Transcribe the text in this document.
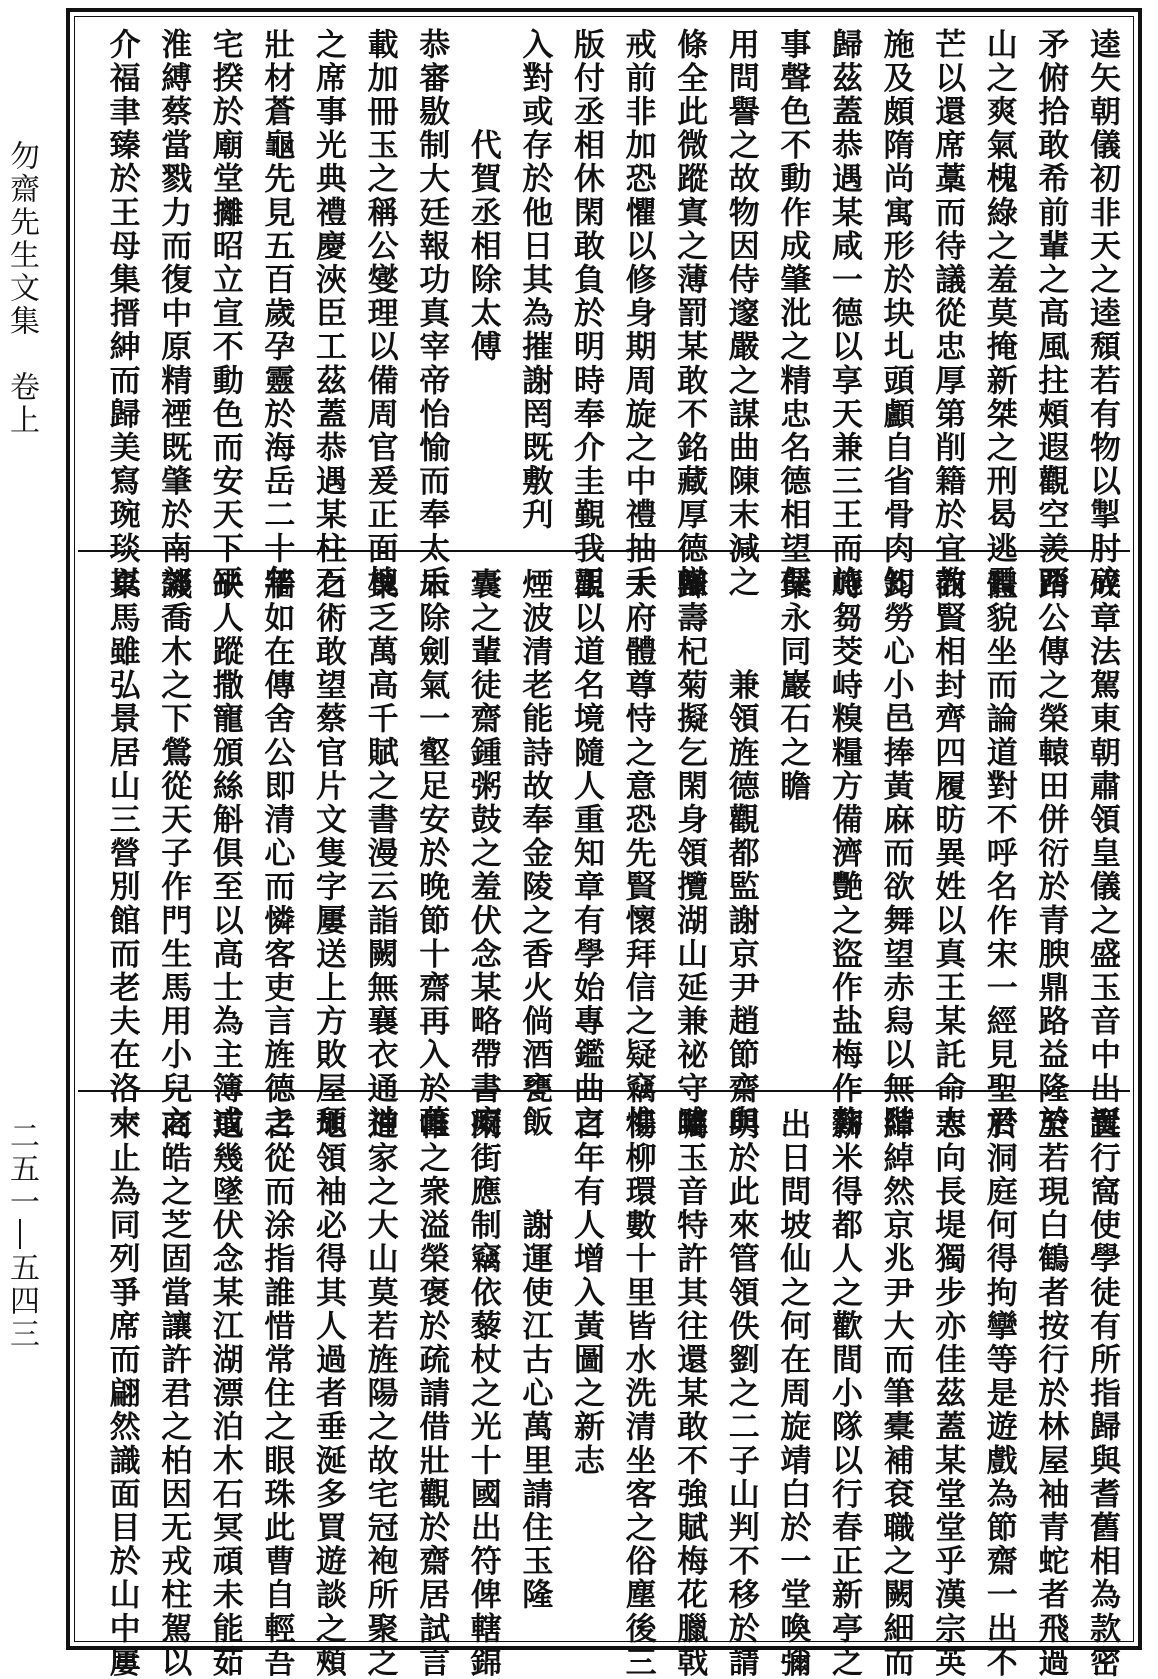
勿齋先生文集　卷上
二五一―五四三
逵矢朝儀初非天之逵頹若有物以掣肘碎
矛俯拾敢希前輩之高風拄頰遐觀空羨西
山之爽氣槐綠之羞莫掩新桀之刑曷逃貢
芒以還席藁而待議從忠厚第削籍於宜教
施及頗隋尚寓形於块圠頭顱自省骨肉知
歸茲蓋恭遇某咸一德以享天兼三王而施
事聲色不動作成肇沘之精忠名德相望保
用問譽之故物因侍邃嚴之謀曲陳末減之
條全此微蹤寘之薄罰某敢不銘藏厚德轍
戒前非加恐懼以修身期周旋之中禮抽手
版付丞相休閑敢負於明時奉介圭覲我王
入對或存於他日其為摧謝罔既敷刋
　　　代賀丞相除太傅
恭審敭制大廷報功真宰帝怡愉而奉太后
載加冊玉之稱公燮理以備周官爰正面槐
之席事光典禮慶浹臣工茲蓋恭遇某柱石
壯材蒼龜先見五百歲孕靈於海岳二十年
宅揆於廟堂攡昭立宣不動色而安天下平
淮縛蔡當戮力而復中原精禋既肇於南郊
介福聿臻於王母集搢紳而歸美寫琬琰以
成章法駕東朝肅領皇儀之盛玉音中出誕
蹐公傳之榮轅田併衍於青腴鼎路益隆於
體貌坐而論道對不呼名作宋一經見聖君
而賢相封齊四履昉異姓以真王某託命大
鈞勞心小邑捧黃麻而欲舞望赤舄以無階
峙芻茭峙糗糧方備濟艷之盜作盐梅作麴
蘖永同巖石之瞻
　　　兼領旌德觀都監謝京尹趙節齋與
歸壽杞菊擬乞閑身領攬湖山延兼祕守雖
大府體尊恃之意恐先賢懷拜信之疑竊惟
觀以道名境隨人重知章有學始專鑑曲之
煙波清老能詩故奉金陵之香火倘酒甕飯
囊之輩徒齋鍾粥鼓之羞伏念某略帶書癡
未除劍氣一壑足安於晚節十齋再入於舊
巢乏萬高千賦之書漫云詣闕無襄衣通神
之術敢望蔡官片文隻字屢送上方敗屋頹
牆如在傳舍公即清心而憐客吏言旌德之
缺人蹤撒寵頒絲斛俱至以高士為主簿或
譏喬木之下鶯從天子作門生馬用小兒之
棄馬雖弘景居山三營別館而老夫在洛十
置行窩使學徒有所指歸與耆舊相為款密
至若現白鶴者按行於林屋袖青蛇者飛過
於洞庭何得拘攣等是遊戲為節齋一出不
惡向長堤獨步亦佳茲蓋某堂堂乎漢宗英
綽綽然京兆尹大而筆橐補袞職之闕細而
薪米得都人之歡間小隊以行春正新亭之
出日問坡仙之何在周旋靖白於一堂喚彌
明於此來管領佚劉之二子山判不移於請
囑玉音特許其往還某敢不強賦梅花臘戟
楊柳環數十里皆水洗清坐客之俗塵後三
百年有人增入黃圖之新志
　　　謝運使江古心萬里請住玉隆
兩街應制竊依藜杖之光十國出符俾轄錦
帷之衆溢榮褒於疏請借壯觀於齋居試言
道家之大山莫若旌陽之故宅冠袍所聚之
地領袖必得其人過者垂涎多買遊談之頰
舌從而涂指誰惜常住之眼珠此曹自輕吾
道幾墜伏念某江湖漂泊木石冥頑未能茹
商皓之芝固當讓許君之柏因无戎柱駕以
來止為同列爭席而翩然識面目於山中屢
